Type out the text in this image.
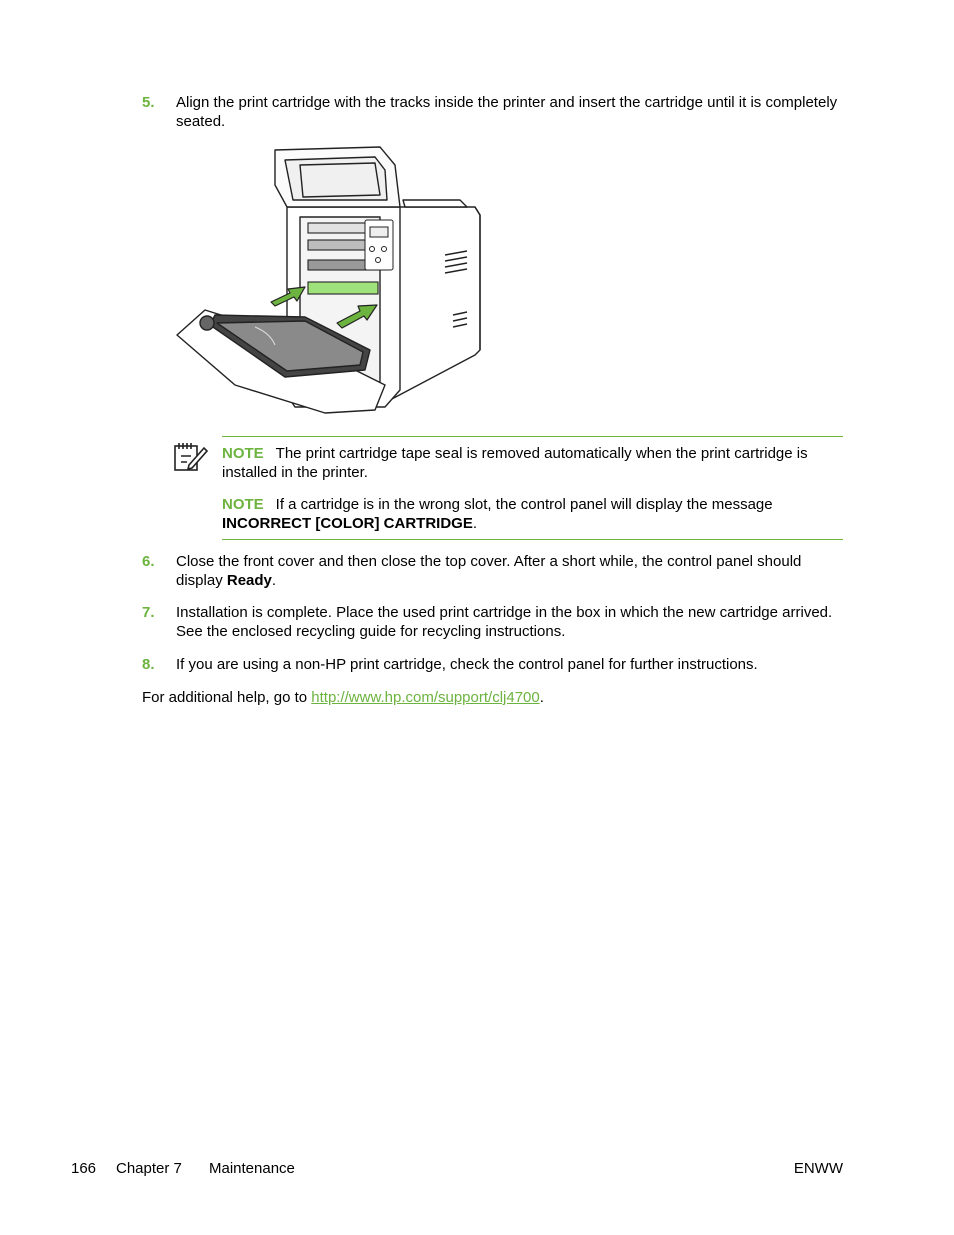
5. Align the print cartridge with the tracks inside the printer and insert the cartridge until it is completely seated.
NOTE The print cartridge tape seal is removed automatically when the print cartridge is installed in the printer.
NOTE If a cartridge is in the wrong slot, the control panel will display the message INCORRECT [COLOR] CARTRIDGE.
6. Close the front cover and then close the top cover. After a short while, the control panel should display Ready.
7. Installation is complete. Place the used print cartridge in the box in which the new cartridge arrived. See the enclosed recycling guide for recycling instructions.
8. If you are using a non-HP print cartridge, check the control panel for further instructions.
For additional help, go to http://www.hp.com/support/clj4700.
166 Chapter 7 Maintenance	ENWW
